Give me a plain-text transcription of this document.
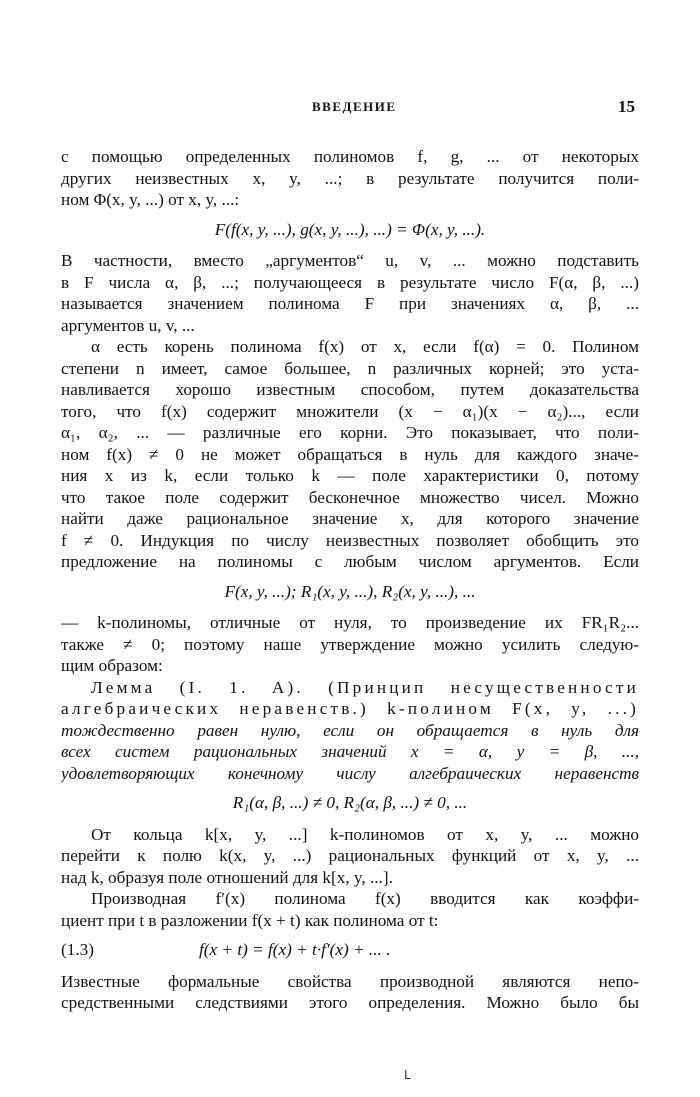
ВВЕДЕНИЕ	15
с помощью определенных полиномов f, g, ... от некоторых
других неизвестных x, y, ...; в результате получится поли-
ном Φ(x, y, ...) от x, y, ...:
F(f(x, y, ...), g(x, y, ...), ...) = Φ(x, y, ...).
В частности, вместо „аргументов“ u, v, ... можно подставить
в F числа α, β, ...; получающееся в результате число F(α, β, ...)
называется значением полинома F при значениях α, β, ...
аргументов u, v, ...
α есть корень полинома f(x) от x, если f(α) = 0. Полином
степени n имеет, самое большее, n различных корней; это уста-
навливается хорошо известным способом, путем доказательства
того, что f(x) содержит множители (x − α₁)(x − α₂)..., если
α₁, α₂, ... — различные его корни. Это показывает, что поли-
ном f(x) ≠ 0 не может обращаться в нуль для каждого значе-
ния x из k, если только k — поле характеристики 0, потому
что такое поле содержит бесконечное множество чисел. Можно
найти даже рациональное значение x, для которого значение
f ≠ 0. Индукция по числу неизвестных позволяет обобщить это
предложение на полиномы с любым числом аргументов. Если
F(x, y, ...); R₁(x, y, ...), R₂(x, y, ...), ...
— k-полиномы, отличные от нуля, то произведение их FR₁R₂...
также ≠ 0; поэтому наше утверждение можно усилить следую-
щим образом:
Лемма (I. 1. A). (Принцип несущественности
алгебраических неравенств.) k-полином F(x, y, ...)
тождественно равен нулю, если он обращается в нуль для
всех систем рациональных значений x = α, y = β, ...,
удовлетворяющих конечному числу алгебраических неравенств
R₁(α, β, ...) ≠ 0, R₂(α, β, ...) ≠ 0, ...
От кольца k[x, y, ...] k-полиномов от x, y, ... можно
перейти к полю k(x, y, ...) рациональных функций от x, y, ...
над k, образуя поле отношений для k[x, y, ...].
Производная f′(x) полинома f(x) вводится как коэффи-
циент при t в разложении f(x + t) как полинома от t:
(1.3)	f(x + t) = f(x) + t·f′(x) + ... .
Известные формальные свойства производной являются непо-
средственными следствиями этого определения. Можно было бы
ᒪ
